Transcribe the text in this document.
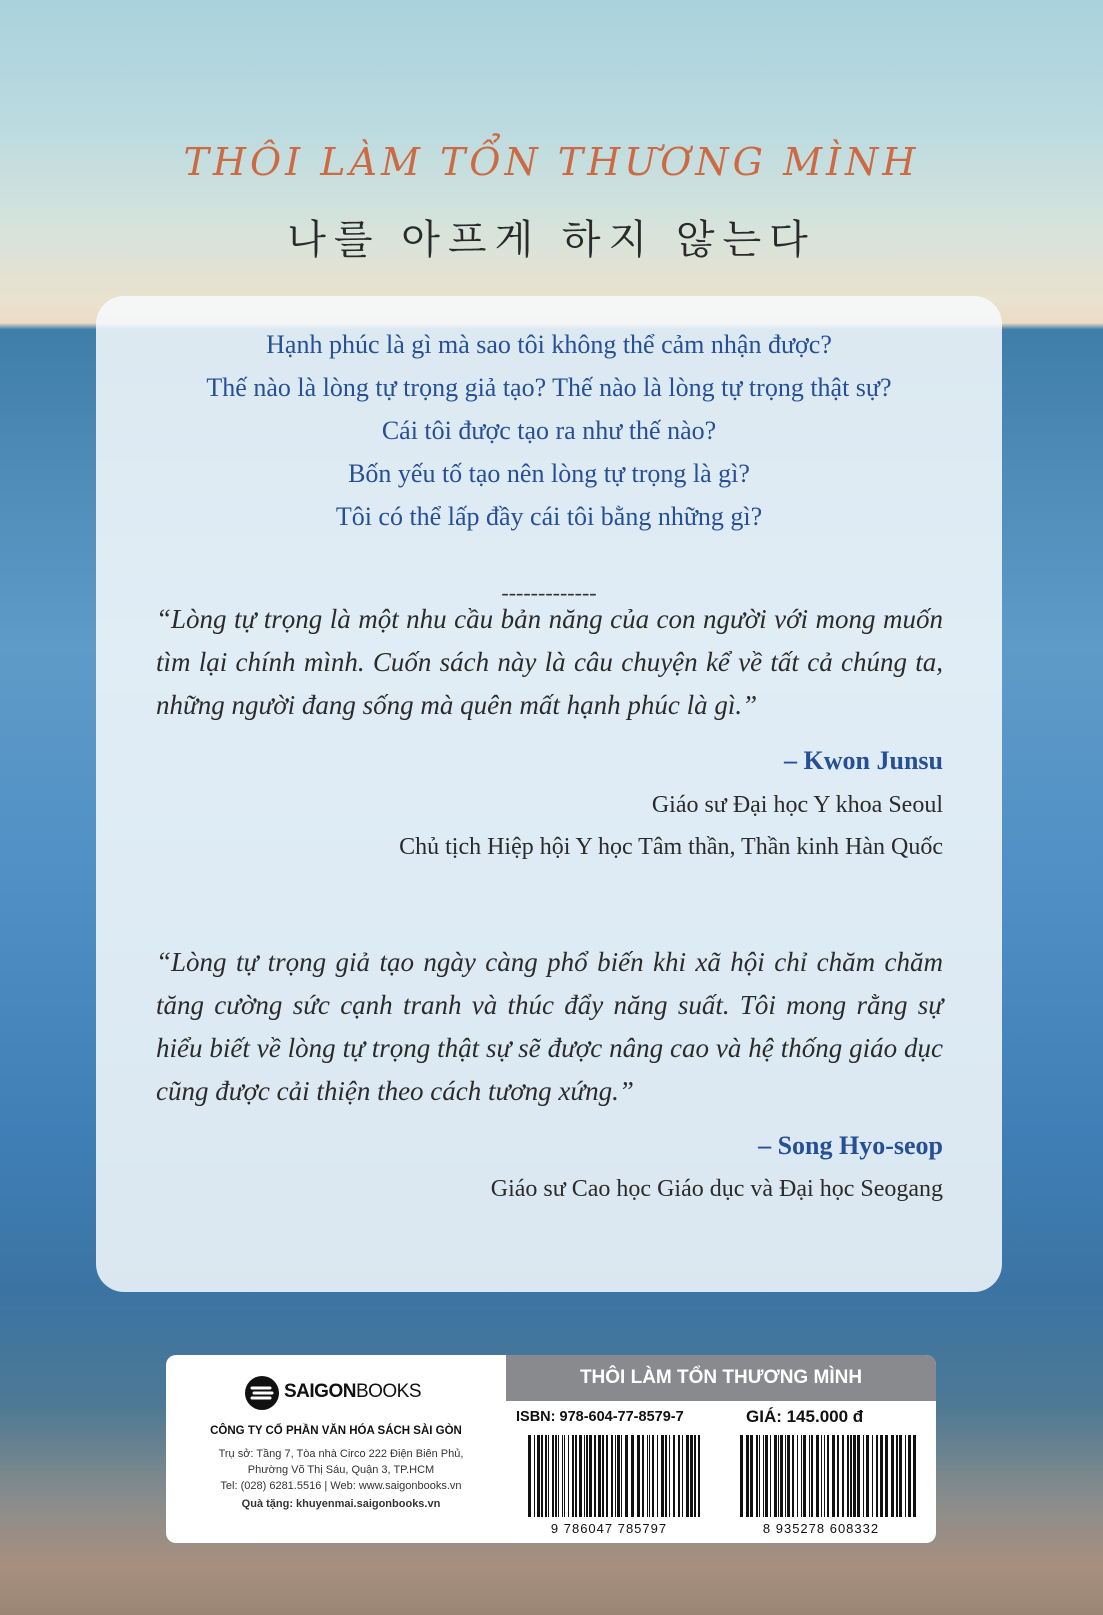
THÔI LÀM TỔN THƯƠNG MÌNH
나를 아프게 하지 않는다
Hạnh phúc là gì mà sao tôi không thể cảm nhận được?
Thế nào là lòng tự trọng giả tạo? Thế nào là lòng tự trọng thật sự?
Cái tôi được tạo ra như thế nào?
Bốn yếu tố tạo nên lòng tự trọng là gì?
Tôi có thể lấp đầy cái tôi bằng những gì?
-------------
“Lòng tự trọng là một nhu cầu bản năng của con người với mong muốn tìm lại chính mình. Cuốn sách này là câu chuyện kể về tất cả chúng ta, những người đang sống mà quên mất hạnh phúc là gì.”
– Kwon Junsu
Giáo sư Đại học Y khoa Seoul
Chủ tịch Hiệp hội Y học Tâm thần, Thần kinh Hàn Quốc
“Lòng tự trọng giả tạo ngày càng phổ biến khi xã hội chỉ chăm chăm tăng cường sức cạnh tranh và thúc đẩy năng suất. Tôi mong rằng sự hiểu biết về lòng tự trọng thật sự sẽ được nâng cao và hệ thống giáo dục cũng được cải thiện theo cách tương xứng.”
– Song Hyo-seop
Giáo sư Cao học Giáo dục và Đại học Seogang
SAIGONBOOKS
CÔNG TY CỔ PHẦN VĂN HÓA SÁCH SÀI GÒN
Trụ sở: Tầng 7, Tòa nhà Circo 222 Điện Biên Phủ,
Phường Võ Thị Sáu, Quận 3, TP.HCM
Tel: (028) 6281.5516 | Web: www.saigonbooks.vn
Quà tặng: khuyenmai.saigonbooks.vn
THÔI LÀM TỔN THƯƠNG MÌNH
ISBN: 978-604-77-8579-7	GIÁ: 145.000 đ
9 786047 785797	8 935278 608332
